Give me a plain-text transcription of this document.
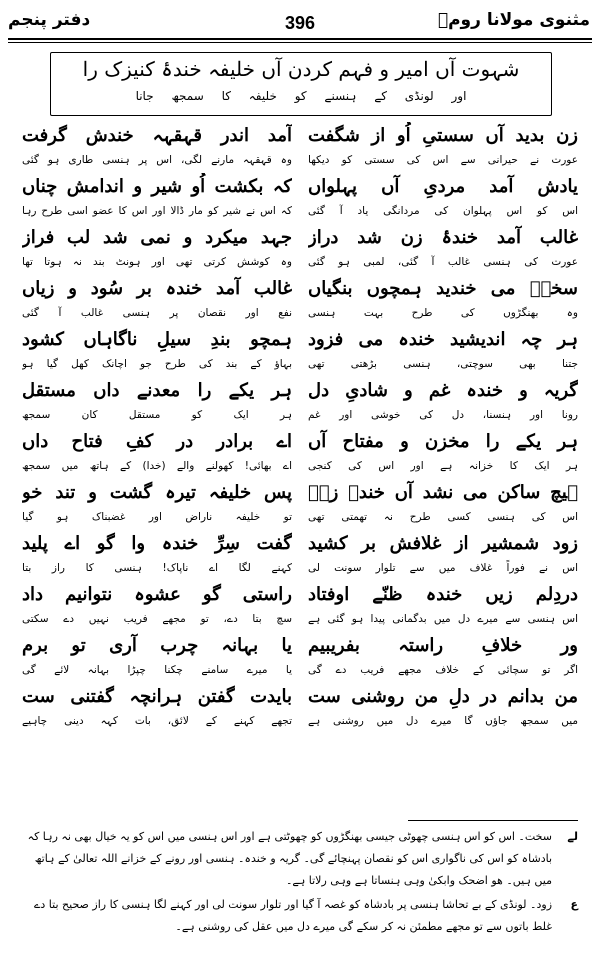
دفتر پنجم	396	مثنوی مولانا رومؒ
شہوت آں امیر و فہم کردن آں خلیفہ خندۂ کنیزک را
اور لونڈی کے ہنسنے کو خلیفہ کا سمجھ جانا
زن بدید آں سستیِ اُو از شگفت
آمد اندر قہقہہ خندش گرفت
عورت نے حیرانی سے اس کی سستی کو دیکھا
وہ قہقہہ مارنے لگی، اس پر ہنسی طاری ہو گئی
یادش آمد مردیِ آں پہلواں
کہ بکشت اُو شیر و اندامش چناں
اس کو اس پہلوان کی مردانگی یاد آ گئی
کہ اس نے شیر کو مار ڈالا اور اس کا عضو اسی طرح رہا
غالب آمد خندۂ زن شد دراز
جہد میکرد و نمی شد لب فراز
عورت کی ہنسی غالب آ گئی، لمبی ہو گئی
وہ کوشش کرتی تھی اور ہونٹ بند نہ ہوتا تھا
سختؔ می خندید ہمچوں بنگیاں
غالب آمد خندہ بر سُود و زیاں
وہ بھنگڑوں کی طرح بہت ہنسی
نفع اور نقصان پر ہنسی غالب آ گئی
ہر چہ اندیشید خندہ می فزود
ہمچو بندِ سیلِ ناگاہاں کشود
جتنا بھی سوچتی، ہنسی بڑھتی تھی
بہاؤ کے بند کی طرح جو اچانک کھل گیا ہو
گریہ و خندہ غم و شادیِ دل
ہر یکے را معدنے داں مستقل
رونا اور ہنسنا، دل کی خوشی اور غم
ہر ایک کو مستقل کان سمجھ
ہر یکے را مخزن و مفتاح آں
اے برادر در کفِ فتاح داں
ہر ایک کا خزانہ ہے اور اس کی کنجی
اے بھائی! کھولنے والے (خدا) کے ہاتھ میں سمجھ
ہیچ ساکن می نشد آں خندہ زوؔ
پس خلیفہ تیرہ گشت و تند خو
اس کی ہنسی کسی طرح نہ تھمتی تھی
تو خلیفہ ناراض اور غضبناک ہو گیا
زود شمشیر از غلافش بر کشید
گفت سِرِّ خندہ وا گو اے پلید
اس نے فوراً غلاف میں سے تلوار سونت لی
کہنے لگا اے ناپاک! ہنسی کا راز بتا
دردِلم زیں خندہ ظنّے اوفتاد
راستی گو عشوہ نتوانیم داد
اس ہنسی سے میرے دل میں بدگمانی پیدا ہو گئی ہے
سچ بتا دے، تو مجھے فریب نہیں دے سکتی
ور خلافِ راستہ بفریبیم
یا بہانہ چرب آری تو برم
اگر تو سچائی کے خلاف مجھے فریب دے گی
یا میرے سامنے چکنا چپڑا بہانہ لائے گی
من بدانم در دلِ من روشنی ست
بایدت گفتن ہرانچہ گفتنی ست
میں سمجھ جاؤں گا میرے دل میں روشنی ہے
تجھے کہنے کے لائق، بات کہہ دینی چاہیے
لے
سخت۔ اس کو اس ہنسی چھوٹی جیسی بھنگڑوں کو چھوٹتی ہے اور اس ہنسی میں اس کو یہ خیال بھی نہ رہا کہ بادشاہ کو اس کی ناگواری اس کو نقصان پہنچائے گی۔ گریہ و خندہ۔ ہنسی اور رونے کے خزانے اللہ تعالیٰ کے ہاتھ میں ہیں۔ ھو اضحک وابکیٰ وہی ہنساتا ہے وہی رلاتا ہے۔
ع
زود۔ لونڈی کے بے تحاشا ہنسی پر بادشاہ کو غصہ آ گیا اور تلوار سونت لی اور کہنے لگا ہنسی کا راز صحیح بتا دے غلط باتوں سے تو مجھے مطمئن نہ کر سکے گی میرے دل میں عقل کی روشنی ہے۔
